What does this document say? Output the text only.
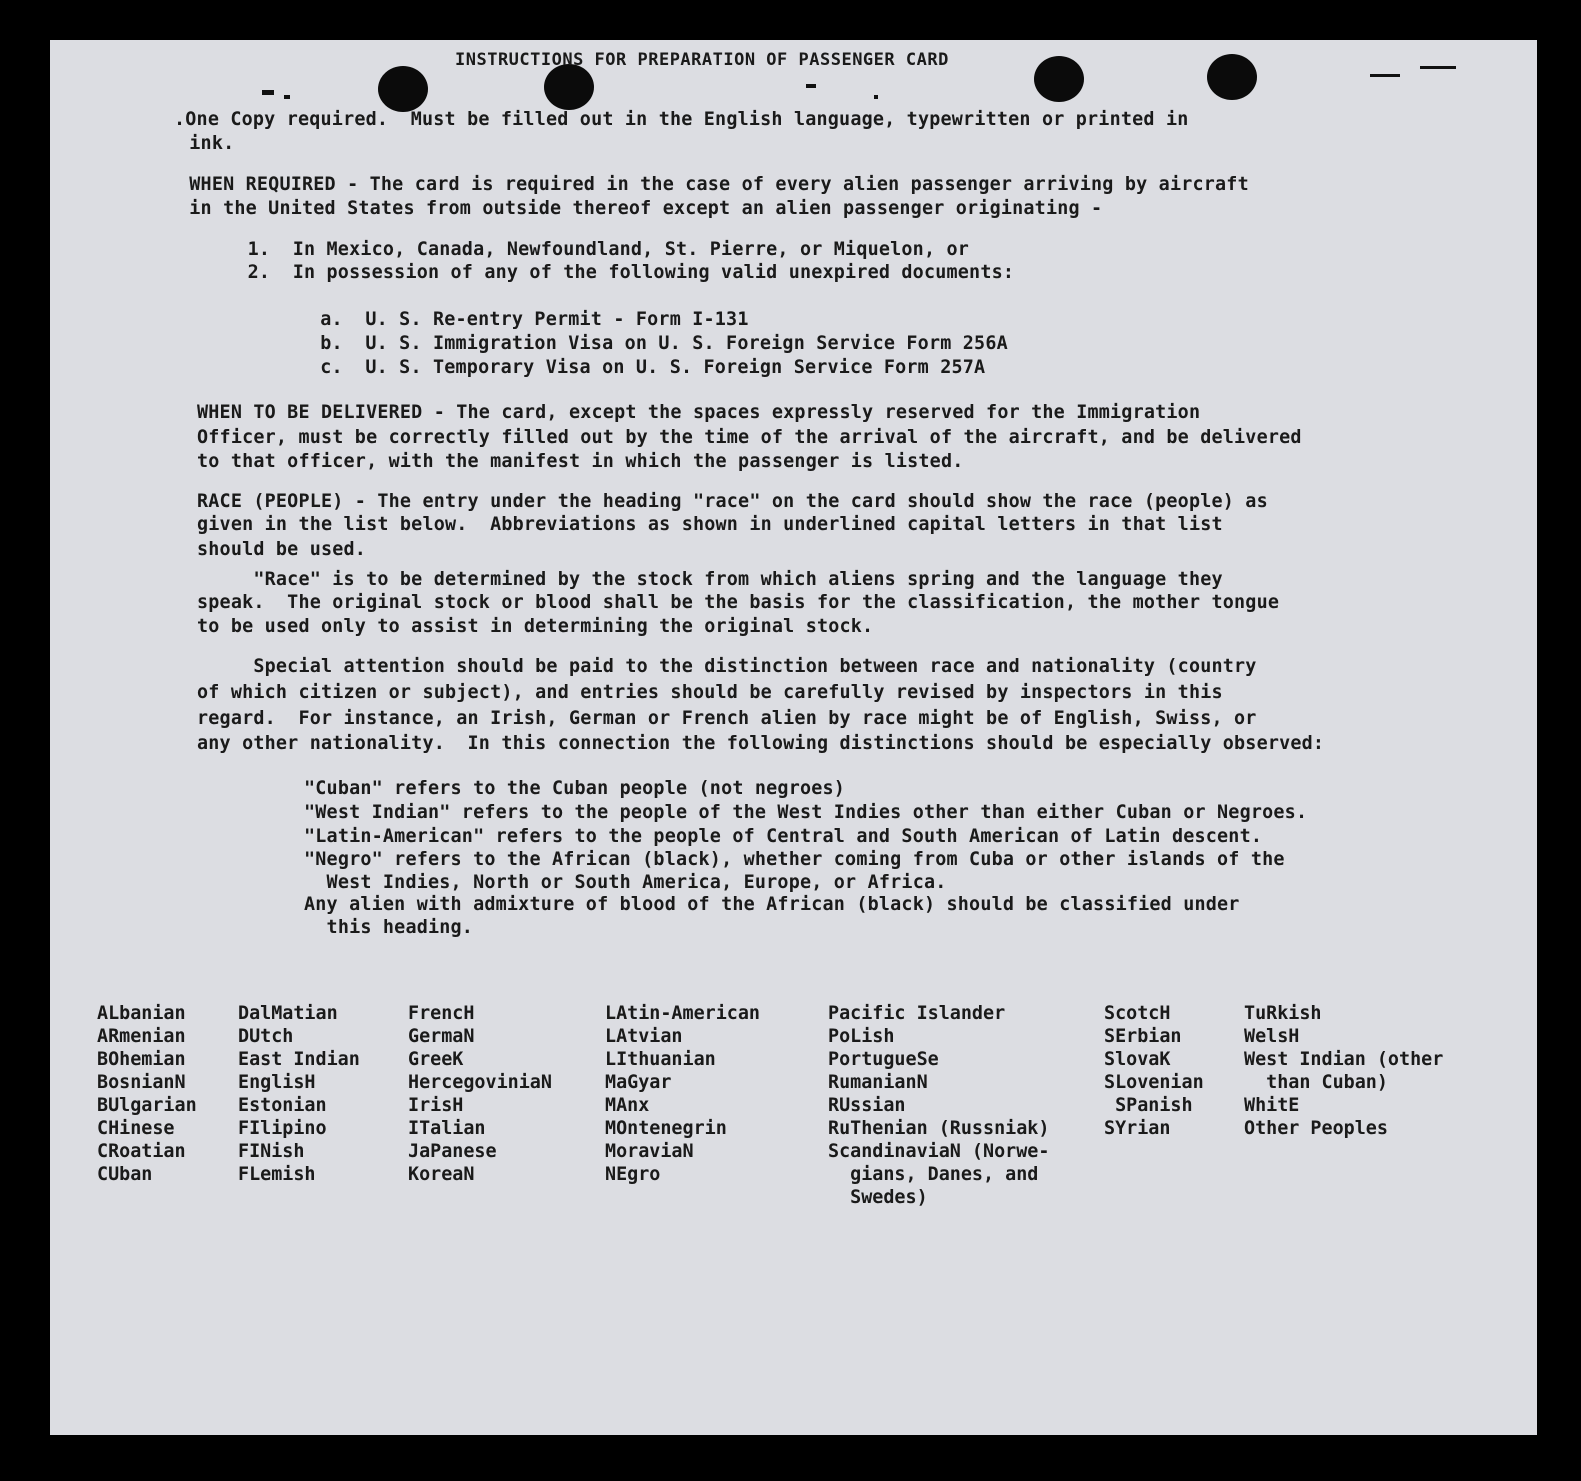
INSTRUCTIONS FOR PREPARATION OF PASSENGER CARD
.One Copy required.  Must be filled out in the English language, typewritten or printed in
ink.
WHEN REQUIRED - The card is required in the case of every alien passenger arriving by aircraft
in the United States from outside thereof except an alien passenger originating -
1.  In Mexico, Canada, Newfoundland, St. Pierre, or Miquelon, or
2.  In possession of any of the following valid unexpired documents:
a.  U. S. Re-entry Permit - Form I-131
b.  U. S. Immigration Visa on U. S. Foreign Service Form 256A
c.  U. S. Temporary Visa on U. S. Foreign Service Form 257A
WHEN TO BE DELIVERED - The card, except the spaces expressly reserved for the Immigration
Officer, must be correctly filled out by the time of the arrival of the aircraft, and be delivered
to that officer, with the manifest in which the passenger is listed.
RACE (PEOPLE) - The entry under the heading "race" on the card should show the race (people) as
given in the list below.  Abbreviations as shown in underlined capital letters in that list
should be used.
"Race" is to be determined by the stock from which aliens spring and the language they
speak.  The original stock or blood shall be the basis for the classification, the mother tongue
to be used only to assist in determining the original stock.
Special attention should be paid to the distinction between race and nationality (country
of which citizen or subject), and entries should be carefully revised by inspectors in this
regard.  For instance, an Irish, German or French alien by race might be of English, Swiss, or
any other nationality.  In this connection the following distinctions should be especially observed:
"Cuban" refers to the Cuban people (not negroes)
"West Indian" refers to the people of the West Indies other than either Cuban or Negroes.
"Latin-American" refers to the people of Central and South American of Latin descent.
"Negro" refers to the African (black), whether coming from Cuba or other islands of the
West Indies, North or South America, Europe, or Africa.
Any alien with admixture of blood of the African (black) should be classified under
this heading.
ALbanian
ARmenian
BOhemian
BosnianN
BUlgarian
CHinese
CRoatian
CUban
DalMatian
DUtch
East Indian
EnglisH
Estonian
FIlipino
FINish
FLemish
FrencH
GermaN
GreeK
HercegoviniaN
IrisH
ITalian
JaPanese
KoreaN
LAtin-American
LAtvian
LIthuanian
MaGyar
MAnx
MOntenegrin
MoraviaN
NEgro
Pacific Islander
PoLish
PortugueSe
RumanianN
RUssian
RuThenian (Russniak)
ScandinaviaN (Norwe-
gians, Danes, and
Swedes)
ScotcH
SErbian
SlovaK
SLovenian
SPanish
SYrian
TuRkish
WelsH
West Indian (other
than Cuban)
WhitE
Other Peoples
